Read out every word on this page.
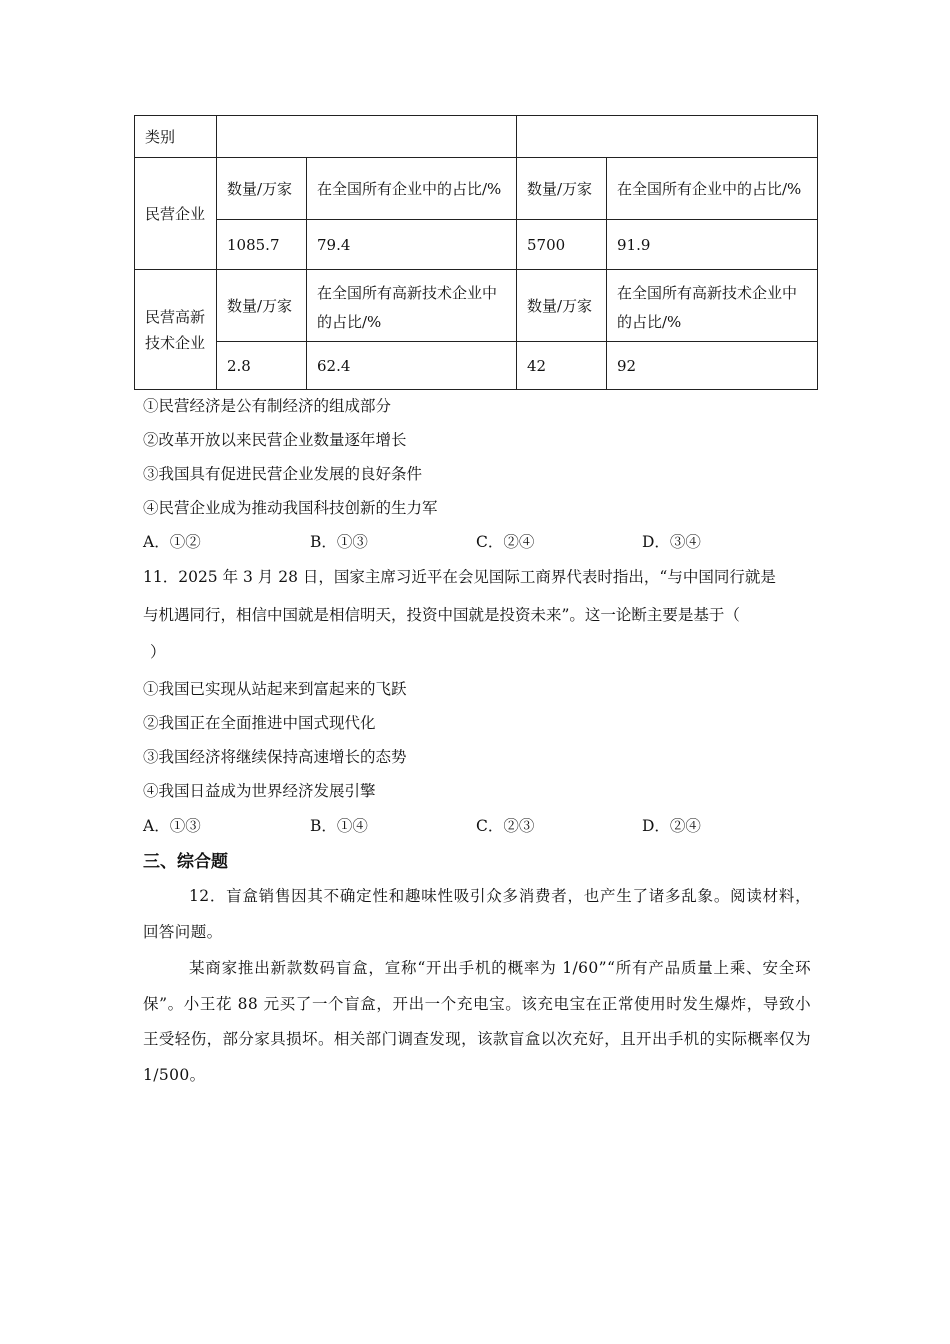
类别				
民营企业	数量/万家	在全国所有企业中的占比/%	数量/万家	在全国所有企业中的占比/%
	1085.7	79.4	5700	91.9

民营高新
技术企业	数量/万家	在全国所有高新技术企业中的占比/%	数量/万家	在全国所有高新技术企业中的占比/%
	2.8	62.4	42	92
①民营经济是公有制经济的组成部分
②改革开放以来民营企业数量逐年增长
③我国具有促进民营企业发展的良好条件
④民营企业成为推动我国科技创新的生力军
A．①②	B．①③	C．②④	D．③④
11．2025 年 3 月 28 日，国家主席习近平在会见国际工商界代表时指出，“与中国同行就是
与机遇同行，相信中国就是相信明天，投资中国就是投资未来”。这一论断主要是基于（
）
①我国已实现从站起来到富起来的飞跃
②我国正在全面推进中国式现代化
③我国经济将继续保持高速增长的态势
④我国日益成为世界经济发展引擎
A．①③	B．①④	C．②③	D．②④
三、综合题
12．盲盒销售因其不确定性和趣味性吸引众多消费者，也产生了诸多乱象。阅读材料，回答问题。
某商家推出新款数码盲盒，宣称“开出手机的概率为 1/60”“所有产品质量上乘、安全环保”。小王花 88 元买了一个盲盒，开出一个充电宝。该充电宝在正常使用时发生爆炸，导致小王受轻伤，部分家具损坏。相关部门调查发现，该款盲盒以次充好，且开出手机的实际概率仅为 1/500。
